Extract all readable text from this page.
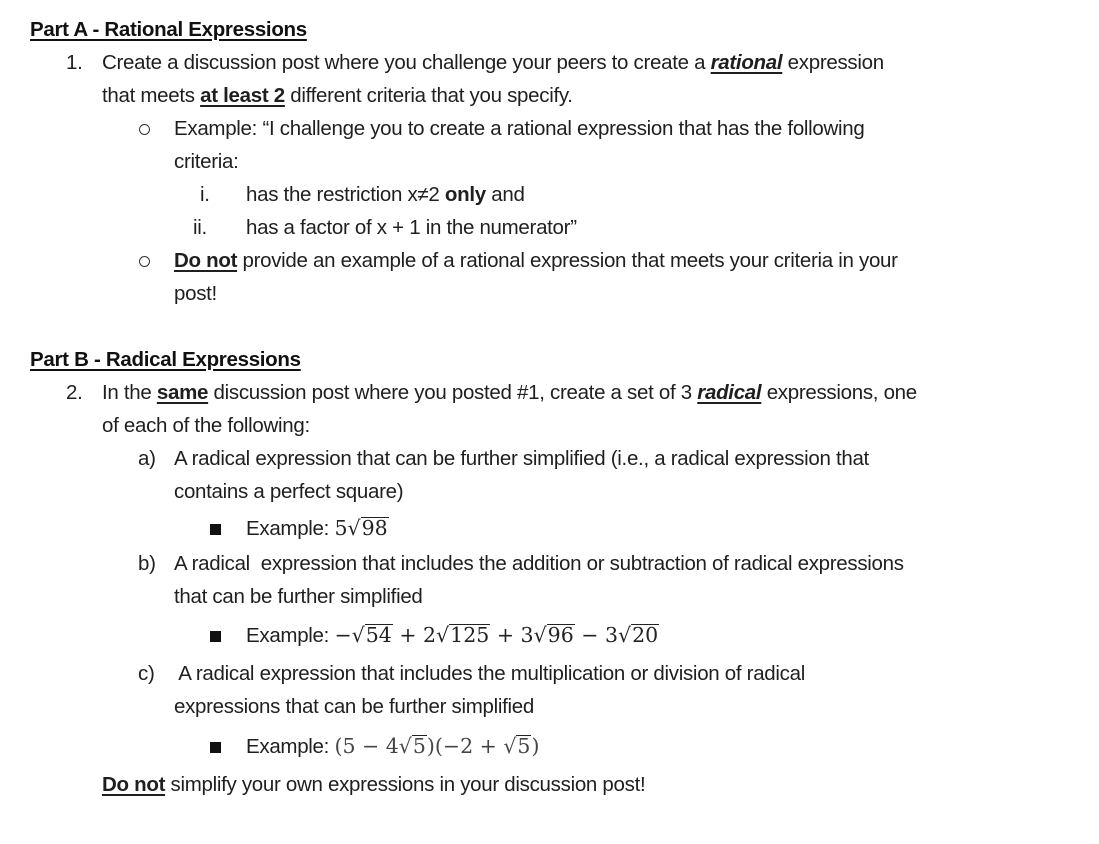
Part A - Rational Expressions
1. Create a discussion post where you challenge your peers to create a rational expression
that meets at least 2 different criteria that you specify.
Example: “I challenge you to create a rational expression that has the following
criteria:
i. has the restriction x≠2 only and
ii. has a factor of x + 1 in the numerator”
Do not provide an example of a rational expression that meets your criteria in your
post!
Part B - Radical Expressions
2. In the same discussion post where you posted #1, create a set of 3 radical expressions, one
of each of the following:
a) A radical expression that can be further simplified (i.e., a radical expression that
contains a perfect square)
Example: 5√98
b) A radical  expression that includes the addition or subtraction of radical expressions
that can be further simplified
Example: −√54 + 2√125 + 3√96 − 3√20
c) A radical expression that includes the multiplication or division of radical
expressions that can be further simplified
Example: (5 − 4√5)(−2 + √5)
Do not simplify your own expressions in your discussion post!
